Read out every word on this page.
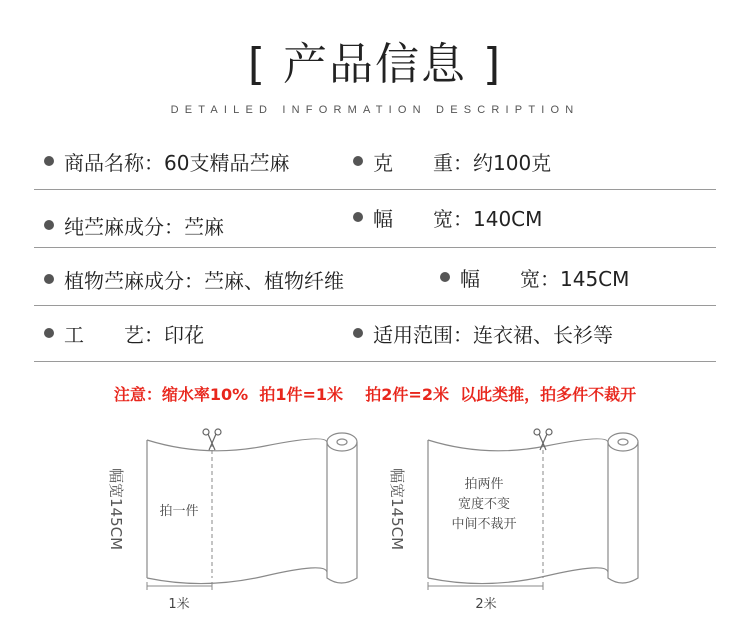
[ 产品信息 ]
DETAILED INFORMATION DESCRIPTION
商品名称：60支精品苎麻	克　　重：约100克
纯苎麻成分：苎麻	幅　　宽：140CM
植物苎麻成分：苎麻、植物纤维	幅　　宽：145CM
工　　艺：印花	适用范围：连衣裙、长衫等
注意：缩水率10%  拍1件=1米    拍2件=2米  以此类推，拍多件不裁开
幅宽145CM	拍一件
1米
幅宽145CM	拍两件
宽度不变
中间不裁开
2米
